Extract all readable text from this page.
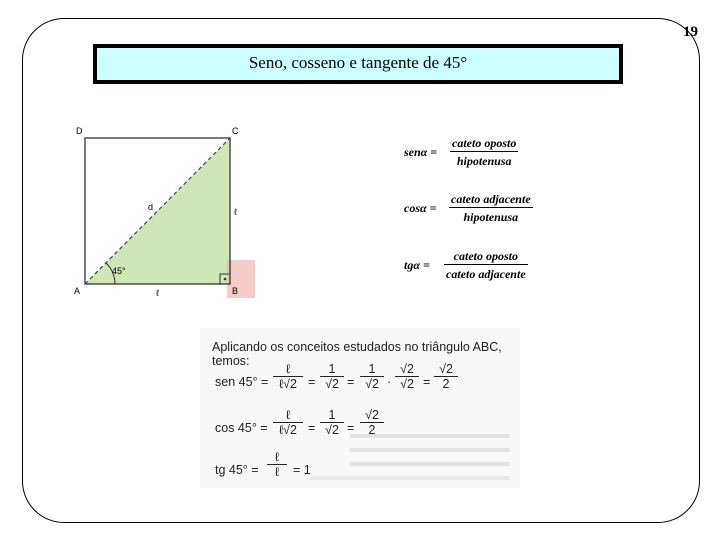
19
Seno, cosseno e tangente de 45°
A	B
C
D
d	ℓ
ℓ
45°
senα =
cateto oposto
hipotenusa
cosα =
cateto adjacente
hipotenusa
tgα =
cateto oposto
cateto adjacente
Aplicando os conceitos estudados no triângulo ABC, temos:
sen 45° =
ℓ
ℓ√2 = $\frac{1}{√2} = \frac{1}{√2} \cdot \frac{√2}{√2} = \frac{√2}{2}$
cos 45° =
ℓ
ℓ√2 = $\frac{1}{√2} = \frac{√2}{2}$
tg 45° =
ℓ
ℓ	= 1
